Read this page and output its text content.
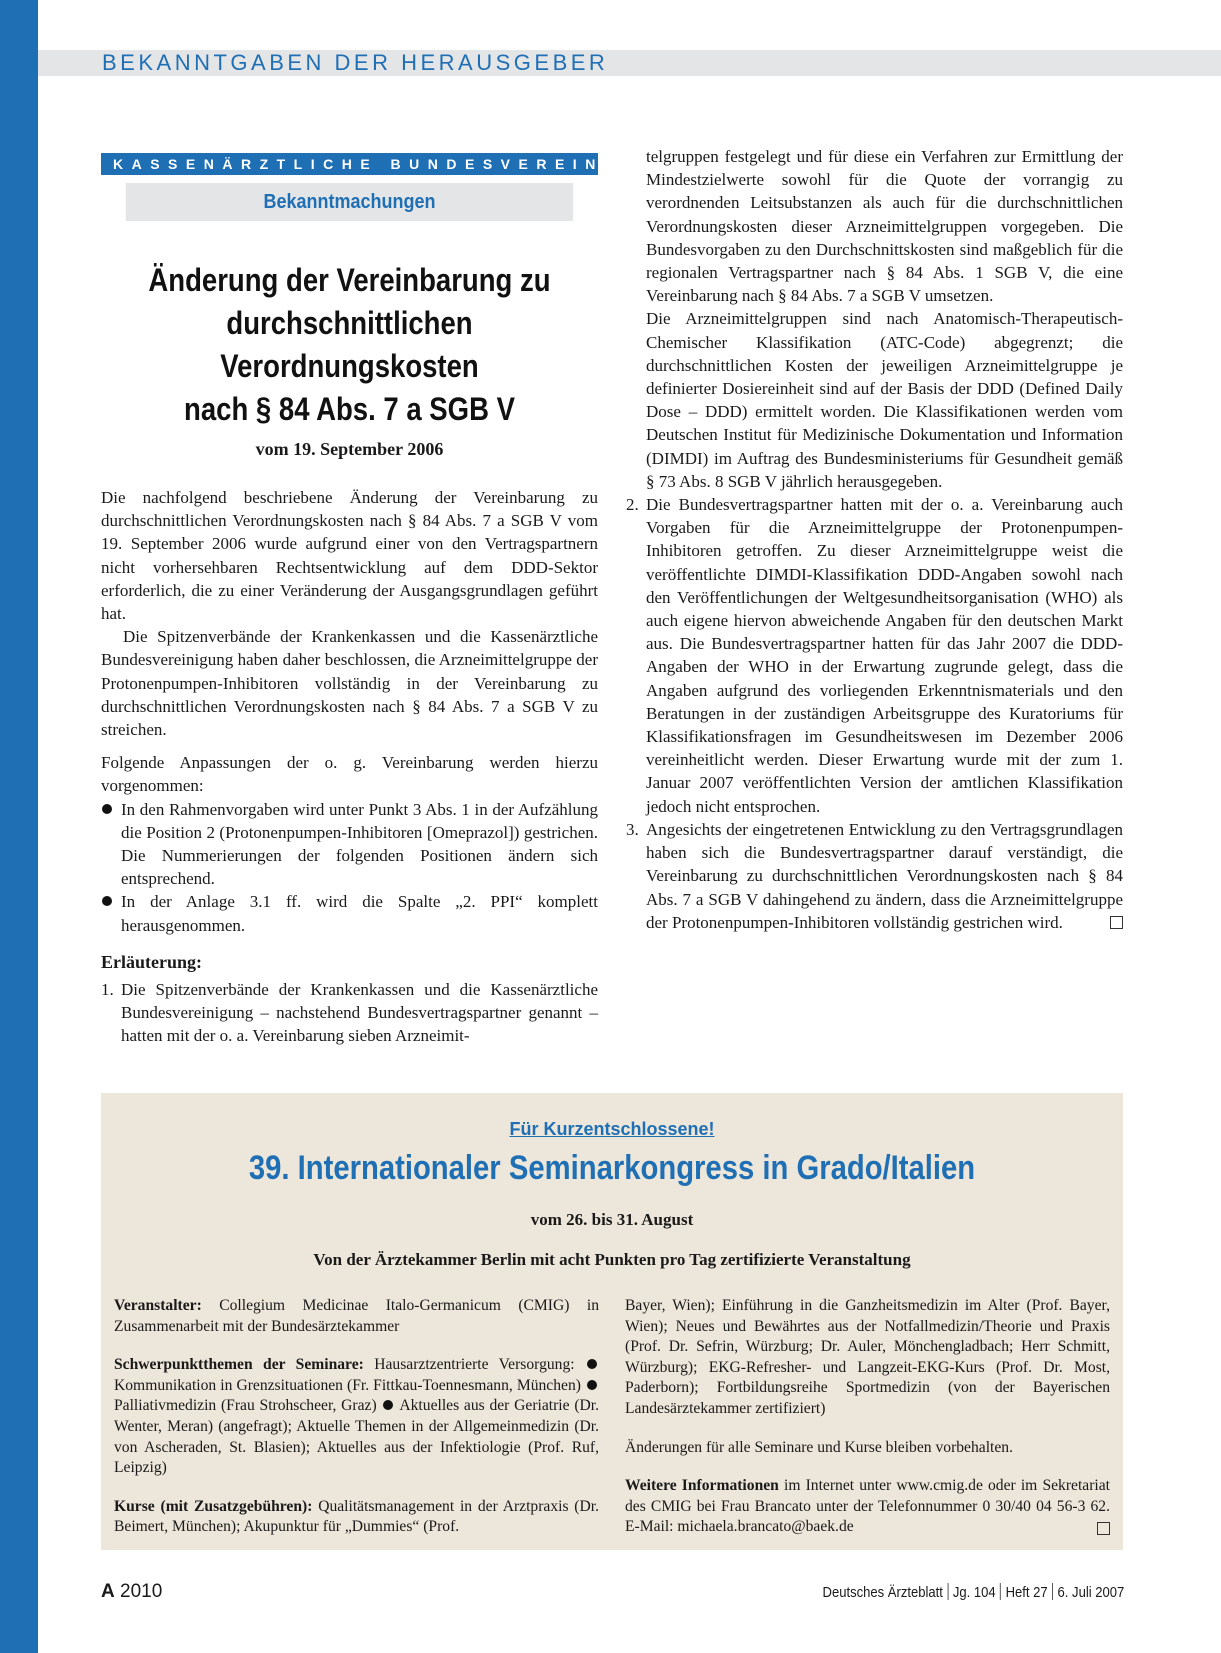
BEKANNTGABEN DER HERAUSGEBER
KASSENÄRZTLICHE BUNDESVEREINIGUNG
Bekanntmachungen
Änderung der Vereinbarung zu
durchschnittlichen Verordnungskosten
nach § 84 Abs. 7 a SGB V
vom 19. September 2006

Die nachfolgend beschriebene Änderung der Vereinbarung zu durchschnittlichen Verordnungskosten nach § 84 Abs. 7 a SGB V vom 19. September 2006 wurde aufgrund einer von den Vertragspartnern nicht vorhersehbaren Rechtsentwicklung auf dem DDD-Sektor erforderlich, die zu einer Veränderung der Ausgangsgrundlagen geführt hat.

Die Spitzenverbände der Krankenkassen und die Kassenärztliche Bundesvereinigung haben daher beschlossen, die Arzneimittelgruppe der Protonenpumpen-Inhibitoren vollständig in der Vereinbarung zu durchschnittlichen Verordnungskosten nach § 84 Abs. 7 a SGB V zu streichen.

Folgende Anpassungen der o. g. Vereinbarung werden hierzu vorgenommen:

In den Rahmenvorgaben wird unter Punkt 3 Abs. 1 in der Aufzählung die Position 2 (Protonenpumpen-Inhibitoren [Omeprazol]) gestrichen. Die Nummerierungen der folgenden Positionen ändern sich entsprechend.
In der Anlage 3.1 ff. wird die Spalte „2. PPI“ komplett herausgenommen.
Erläuterung:
1. Die Spitzenverbände der Krankenkassen und die Kassenärztliche Bundesvereinigung – nachstehend Bundesvertragspartner genannt – hatten mit der o. a. Vereinbarung sieben Arzneimit-

telgruppen festgelegt und für diese ein Verfahren zur Ermittlung der Mindestzielwerte sowohl für die Quote der vorrangig zu verordnenden Leitsubstanzen als auch für die durchschnittlichen Verordnungskosten dieser Arzneimittelgruppen vorgegeben. Die Bundesvorgaben zu den Durchschnittskosten sind maßgeblich für die regionalen Vertragspartner nach § 84 Abs. 1 SGB V, die eine Vereinbarung nach § 84 Abs. 7 a SGB V umsetzen.

Die Arzneimittelgruppen sind nach Anatomisch-Therapeutisch-Chemischer Klassifikation (ATC-Code) abgegrenzt; die durchschnittlichen Kosten der jeweiligen Arzneimittelgruppe je definierter Dosiereinheit sind auf der Basis der DDD (Defined Daily Dose – DDD) ermittelt worden. Die Klassifikationen werden vom Deutschen Institut für Medizinische Dokumentation und Information (DIMDI) im Auftrag des Bundesministeriums für Gesundheit gemäß § 73 Abs. 8 SGB V jährlich herausgegeben.

2. Die Bundesvertragspartner hatten mit der o. a. Vereinbarung auch Vorgaben für die Arzneimittelgruppe der Protonenpumpen-Inhibitoren getroffen. Zu dieser Arzneimittelgruppe weist die veröffentlichte DIMDI-Klassifikation DDD-Angaben sowohl nach den Veröffentlichungen der Weltgesundheitsorganisation (WHO) als auch eigene hiervon abweichende Angaben für den deutschen Markt aus. Die Bundesvertragspartner hatten für das Jahr 2007 die DDD-Angaben der WHO in der Erwartung zugrunde gelegt, dass die Angaben aufgrund des vorliegenden Erkenntnismaterials und den Beratungen in der zuständigen Arbeitsgruppe des Kuratoriums für Klassifikationsfragen im Gesundheitswesen im Dezember 2006 vereinheitlicht werden. Dieser Erwartung wurde mit der zum 1. Januar 2007 veröffentlichten Version der amtlichen Klassifikation jedoch nicht entsprochen.
3. Angesichts der eingetretenen Entwicklung zu den Vertragsgrundlagen haben sich die Bundesvertragspartner darauf verständigt, die Vereinbarung zu durchschnittlichen Verordnungskosten nach § 84 Abs. 7 a SGB V dahingehend zu ändern, dass die Arzneimittelgruppe der Protonenpumpen-Inhibitoren vollständig gestrichen wird.
Für Kurzentschlossene!
39. Internationaler Seminarkongress in Grado/Italien
vom 26. bis 31. August
Von der Ärztekammer Berlin mit acht Punkten pro Tag zertifizierte Veranstaltung

Veranstalter: Collegium Medicinae Italo-Germanicum (CMIG) in Zusammenarbeit mit der Bundesärztekammer

Schwerpunktthemen der Seminare: Hausarztzentrierte Versorgung:  Kommunikation in Grenzsituationen (Fr. Fittkau-Toennesmann, München)  Palliativmedizin (Frau Strohscheer, Graz) Aktuelles aus der Geriatrie (Dr. Wenter, Meran) (angefragt); Aktuelle Themen in der Allgemeinmedizin (Dr. von Ascheraden, St. Blasien); Aktuelles aus der Infektiologie (Prof. Ruf, Leipzig)

Kurse (mit Zusatzgebühren): Qualitätsmanagement in der Arztpraxis (Dr. Beimert, München); Akupunktur für „Dummies“ (Prof.

Bayer, Wien); Einführung in die Ganzheitsmedizin im Alter (Prof. Bayer, Wien); Neues und Bewährtes aus der Notfallmedizin/Theorie und Praxis (Prof. Dr. Sefrin, Würzburg; Dr. Auler, Mönchengladbach; Herr Schmitt, Würzburg); EKG-Refresher- und Langzeit-EKG-Kurs (Prof. Dr. Most, Paderborn); Fortbildungsreihe Sportmedizin (von der Bayerischen Landesärztekammer zertifiziert)

Änderungen für alle Seminare und Kurse bleiben vorbehalten.

Weitere Informationen im Internet unter www.cmig.de oder im Sekretariat des CMIG bei Frau Brancato unter der Telefonnummer 0 30/40 04 56-3 62. E-Mail: michaela.brancato@baek.de

A 2010	Deutsches Ärzteblatt Jg. 104 Heft 27 6. Juli 2007
